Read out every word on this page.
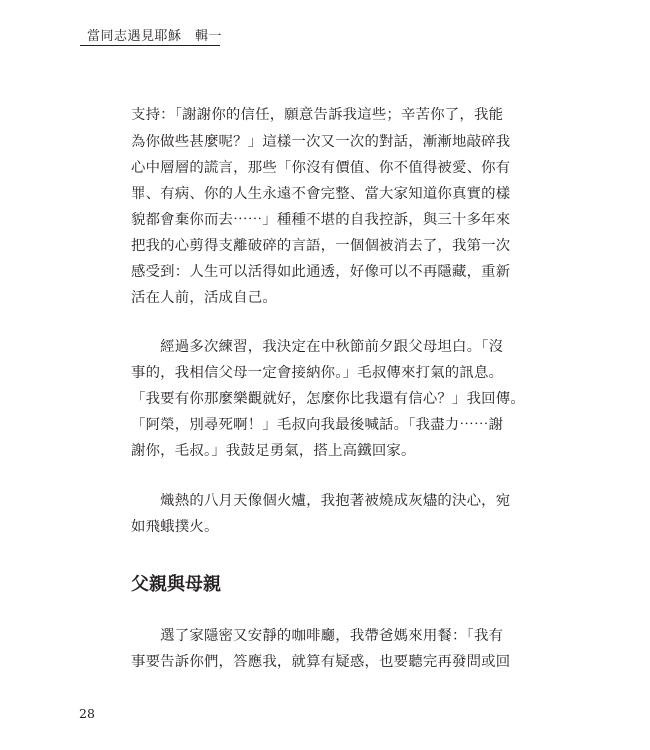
當同志遇見耶穌　輯一
支持：「謝謝你的信任，願意告訴我這些；辛苦你了，我能
為你做些甚麼呢？」這樣一次又一次的對話，漸漸地敲碎我
心中層層的謊言，那些「你沒有價值、你不值得被愛、你有
罪、有病、你的人生永遠不會完整、當大家知道你真實的樣
貌都會棄你而去⋯⋯」種種不堪的自我控訴，與三十多年來
把我的心剪得支離破碎的言語，一個個被消去了，我第一次
感受到：人生可以活得如此通透，好像可以不再隱藏，重新
活在人前，活成自己。
　　經過多次練習，我決定在中秋節前夕跟父母坦白。「沒
事的，我相信父母一定會接納你。」毛叔傳來打氣的訊息。
「我要有你那麼樂觀就好，怎麼你比我還有信心？」我回傳。
「阿榮，別尋死啊！」毛叔向我最後喊話。「我盡力⋯⋯謝
謝你，毛叔。」我鼓足勇氣，搭上高鐵回家。
　　熾熱的八月天像個火爐，我抱著被燒成灰燼的決心，宛
如飛蛾撲火。
父親與母親
　　選了家隱密又安靜的咖啡廳，我帶爸媽來用餐：「我有
事要告訴你們，答應我，就算有疑惑，也要聽完再發問或回
28
